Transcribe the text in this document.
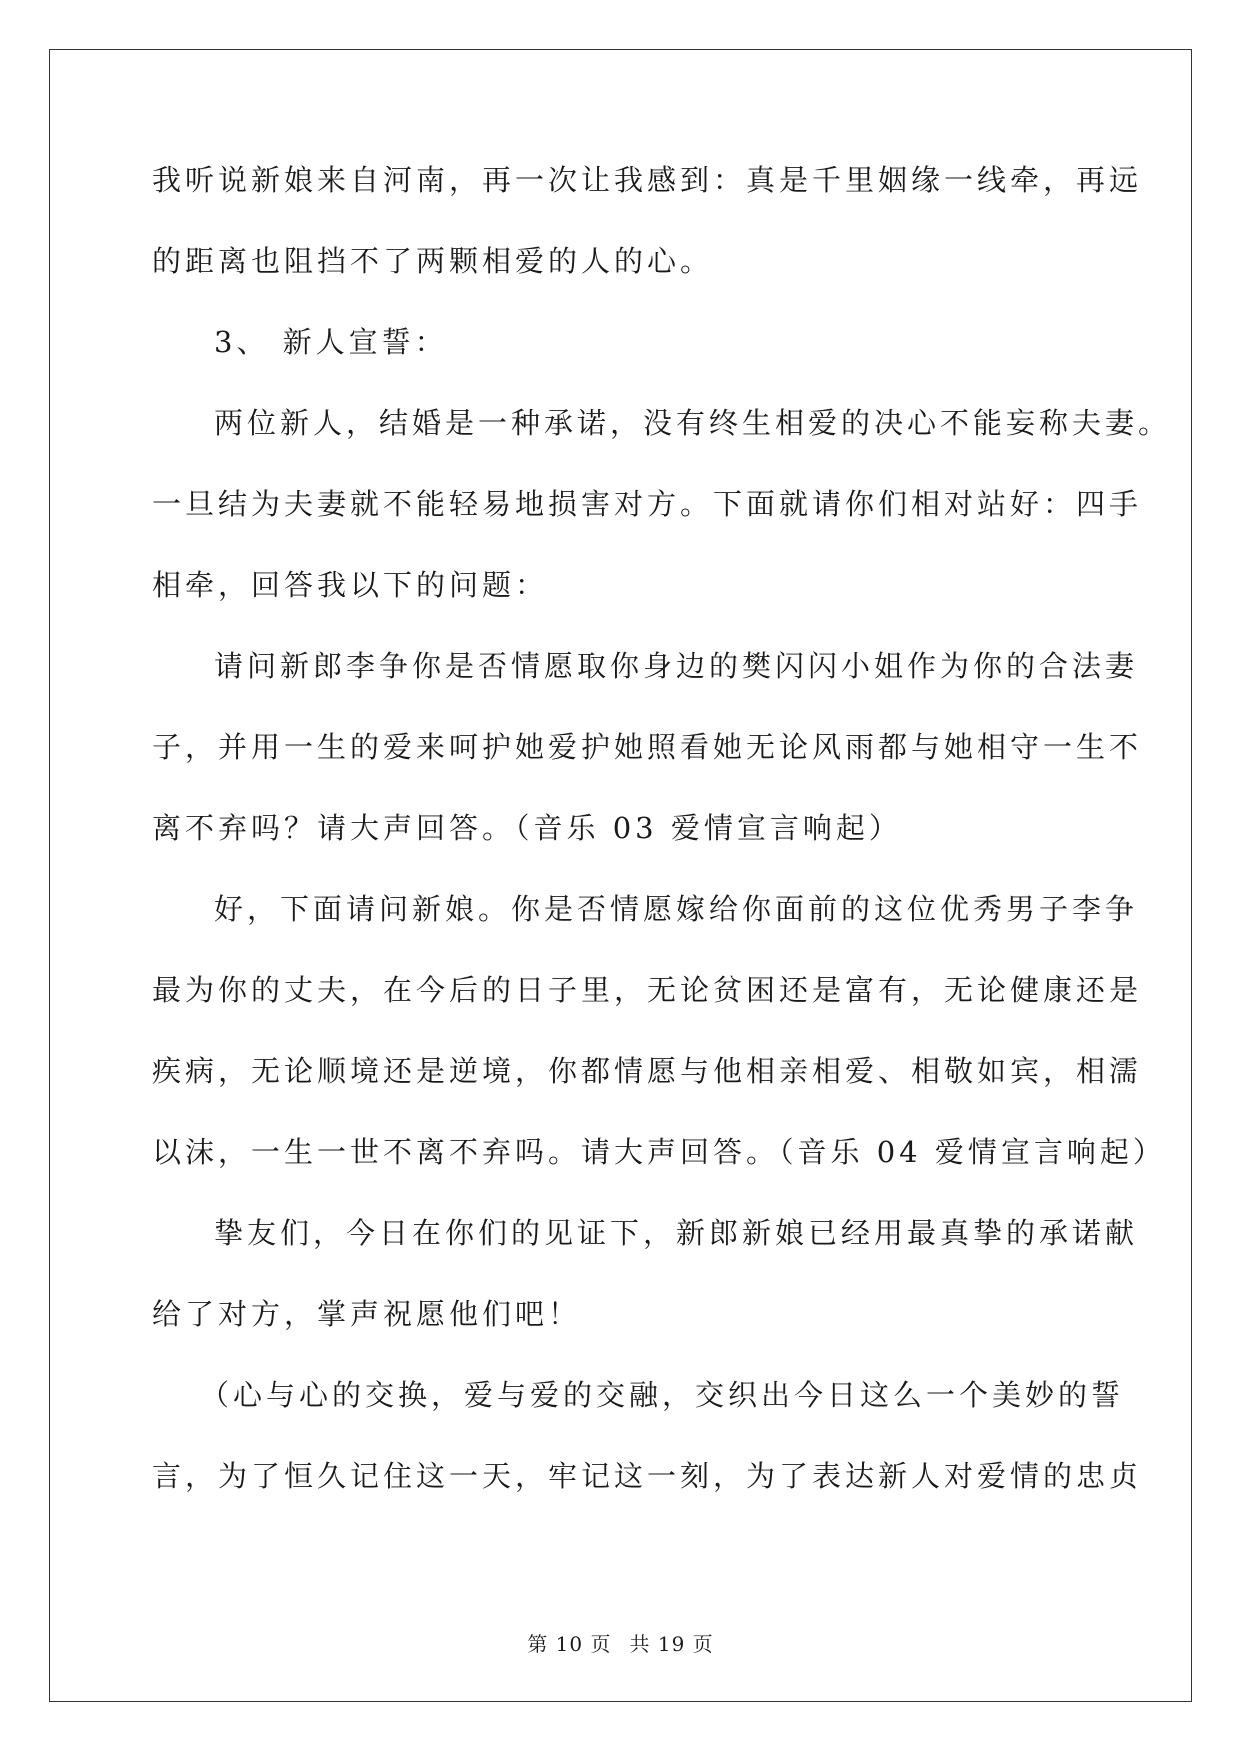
我听说新娘来自河南，再一次让我感到：真是千里姻缘一线牵，再远
的距离也阻挡不了两颗相爱的人的心。
3、 新人宣誓：
两位新人，结婚是一种承诺，没有终生相爱的决心不能妄称夫妻。
一旦结为夫妻就不能轻易地损害对方。下面就请你们相对站好：四手
相牵，回答我以下的问题：
请问新郎李争你是否情愿取你身边的樊闪闪小姐作为你的合法妻
子，并用一生的爱来呵护她爱护她照看她无论风雨都与她相守一生不
离不弃吗？请大声回答。（音乐 03 爱情宣言响起）
好，下面请问新娘。你是否情愿嫁给你面前的这位优秀男子李争
最为你的丈夫，在今后的日子里，无论贫困还是富有，无论健康还是
疾病，无论顺境还是逆境，你都情愿与他相亲相爱、相敬如宾，相濡
以沫，一生一世不离不弃吗。请大声回答。（音乐 04 爱情宣言响起）
挚友们，今日在你们的见证下，新郎新娘已经用最真挚的承诺献
给了对方，掌声祝愿他们吧！
（心与心的交换，爱与爱的交融，交织出今日这么一个美妙的誓
言，为了恒久记住这一天，牢记这一刻，为了表达新人对爱情的忠贞
第 10 页 共 19 页
